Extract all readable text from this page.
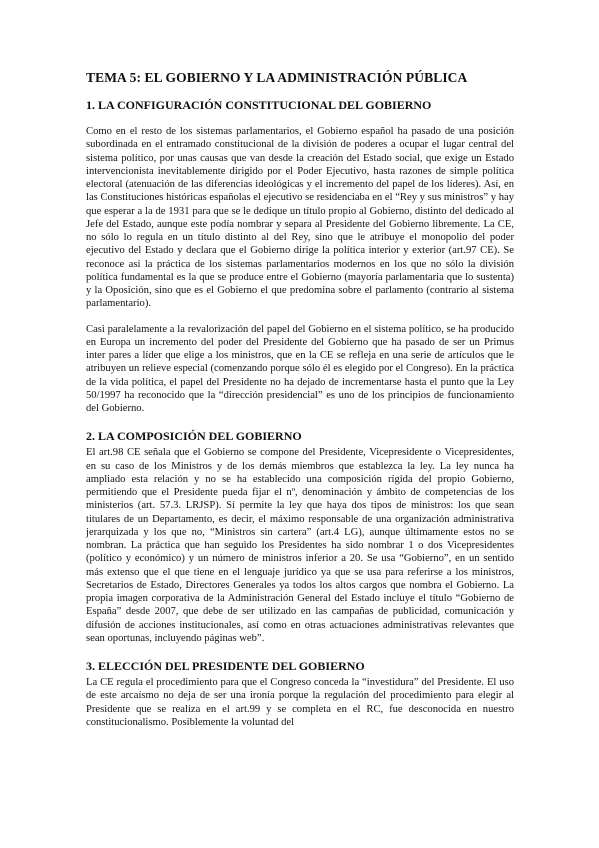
TEMA 5: EL GOBIERNO Y LA ADMINISTRACIÓN PÚBLICA
1. LA CONFIGURACIÓN CONSTITUCIONAL DEL GOBIERNO

Como en el resto de los sistemas parlamentarios, el Gobierno español ha pasado de una posición subordinada en el entramado constitucional de la división de poderes a ocupar el lugar central del sistema político, por unas causas que van desde la creación del Estado social, que exige un Estado intervencionista inevitablemente dirigido por el Poder Ejecutivo, hasta razones de simple política electoral (atenuación de las diferencias ideológicas y el incremento del papel de los líderes). Así, en las Constituciones históricas españolas el ejecutivo se residenciaba en el “Rey y sus ministros” y hay que esperar a la de 1931 para que se le dedique un título propio al Gobierno, distinto del dedicado al Jefe del Estado, aunque este podía nombrar y separa al Presidente del Gobierno libremente. La CE, no sólo lo regula en un título distinto al del Rey, sino que le atribuye el monopolio del poder ejecutivo del Estado y declara que el Gobierno dirige la política interior y exterior (art.97 CE). Se reconoce así la práctica de los sistemas parlamentarios modernos en los que no sólo la división política fundamental es la que se produce entre el Gobierno (mayoría parlamentaria que lo sustenta) y la Oposición, sino que es el Gobierno el que predomina sobre el parlamento (contrario al sistema parlamentario).

Casi paralelamente a la revalorización del papel del Gobierno en el sistema político, se ha producido en Europa un incremento del poder del Presidente del Gobierno que ha pasado de ser un Primus inter pares a líder que elige a los ministros, que en la CE se refleja en una serie de artículos que le atribuyen un relieve especial (comenzando porque sólo él es elegido por el Congreso). En la práctica de la vida política, el papel del Presidente no ha dejado de incrementarse hasta el punto que la Ley 50/1997 ha reconocido que la “dirección presidencial” es uno de los principios de funcionamiento del Gobierno.

2. LA COMPOSICIÓN DEL GOBIERNO

El art.98 CE señala que el Gobierno se compone del Presidente, Vicepresidente o Vicepresidentes, en su caso de los Ministros y de los demás miembros que establezca la ley. La ley nunca ha ampliado esta relación y no se ha establecido una composición rígida del propio Gobierno, permitiendo que el Presidente pueda fijar el nº, denominación y ámbito de competencias de los ministerios (art. 57.3. LRJSP). Sí permite la ley que haya dos tipos de ministros: los que sean titulares de un Departamento, es decir, el máximo responsable de una organización administrativa jerarquizada y los que no, “Ministros sin cartera” (art.4 LG), aunque últimamente estos no se nombran. La práctica que han seguido los Presidentes ha sido nombrar 1 o dos Vicepresidentes (político y económico) y un número de ministros inferior a 20. Se usa “Gobierno”, en un sentido más extenso que el que tiene en el lenguaje jurídico ya que se usa para referirse a los ministros, Secretarios de Estado, Directores Generales ya todos los altos cargos que nombra el Gobierno. La propia imagen corporativa de la Administración General del Estado incluye el título “Gobierno de España” desde 2007, que debe de ser utilizado en las campañas de publicidad, comunicación y difusión de acciones institucionales, así como en otras actuaciones administrativas relevantes que sean oportunas, incluyendo páginas web”.

3. ELECCIÓN DEL PRESIDENTE DEL GOBIERNO

La CE regula el procedimiento para que el Congreso conceda la “investidura” del Presidente. El uso de este arcaísmo no deja de ser una ironía porque la regulación del procedimiento para elegir al Presidente que se realiza en el art.99 y se completa en el RC, fue desconocida en nuestro constitucionalismo. Posiblemente la voluntad del
